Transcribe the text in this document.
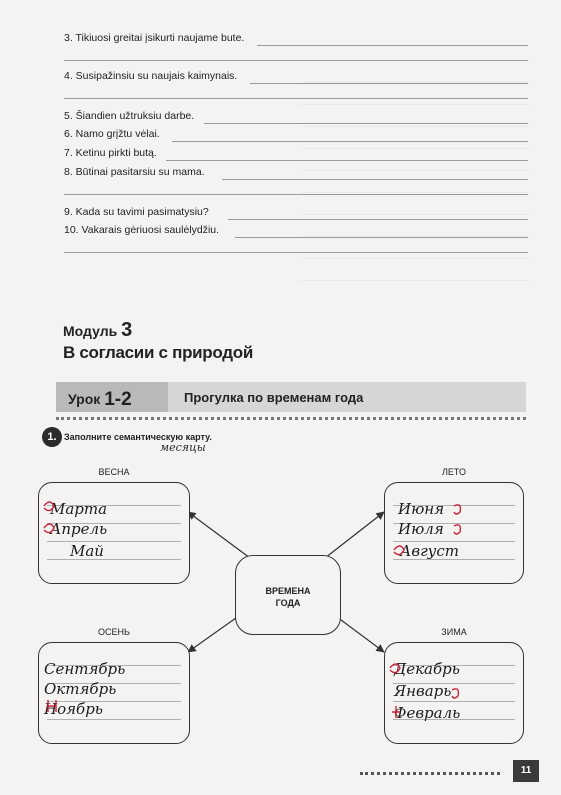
3. Tikiuosi greitai įsikurti naujame bute.
4. Susipažinsiu su naujais kaimynais.
5. Šiandien užtruksiu darbe.
6. Namo grįžtu vėlai.
7. Ketinu pirkti butą.
8. Būtinai pasitarsiu su mama.
9. Kada su tavimi pasimatysiu?
10. Vakarais gėriuosi saulėlydžiu.
Модуль 3
В согласии с природой
Урок 1-2	Прогулка по временам года
1. Заполните семантическую карту.
месяцы
ВЕСНА
Марта
Апрель
Май
ЛЕТО
Июня
Июля
Август
ВРЕМЕНА
ГОДА
ОСЕНЬ
Сентябрь
Октябрь
Ноябрь
ЗИМА
Декабрь
Январь
Февраль
11
